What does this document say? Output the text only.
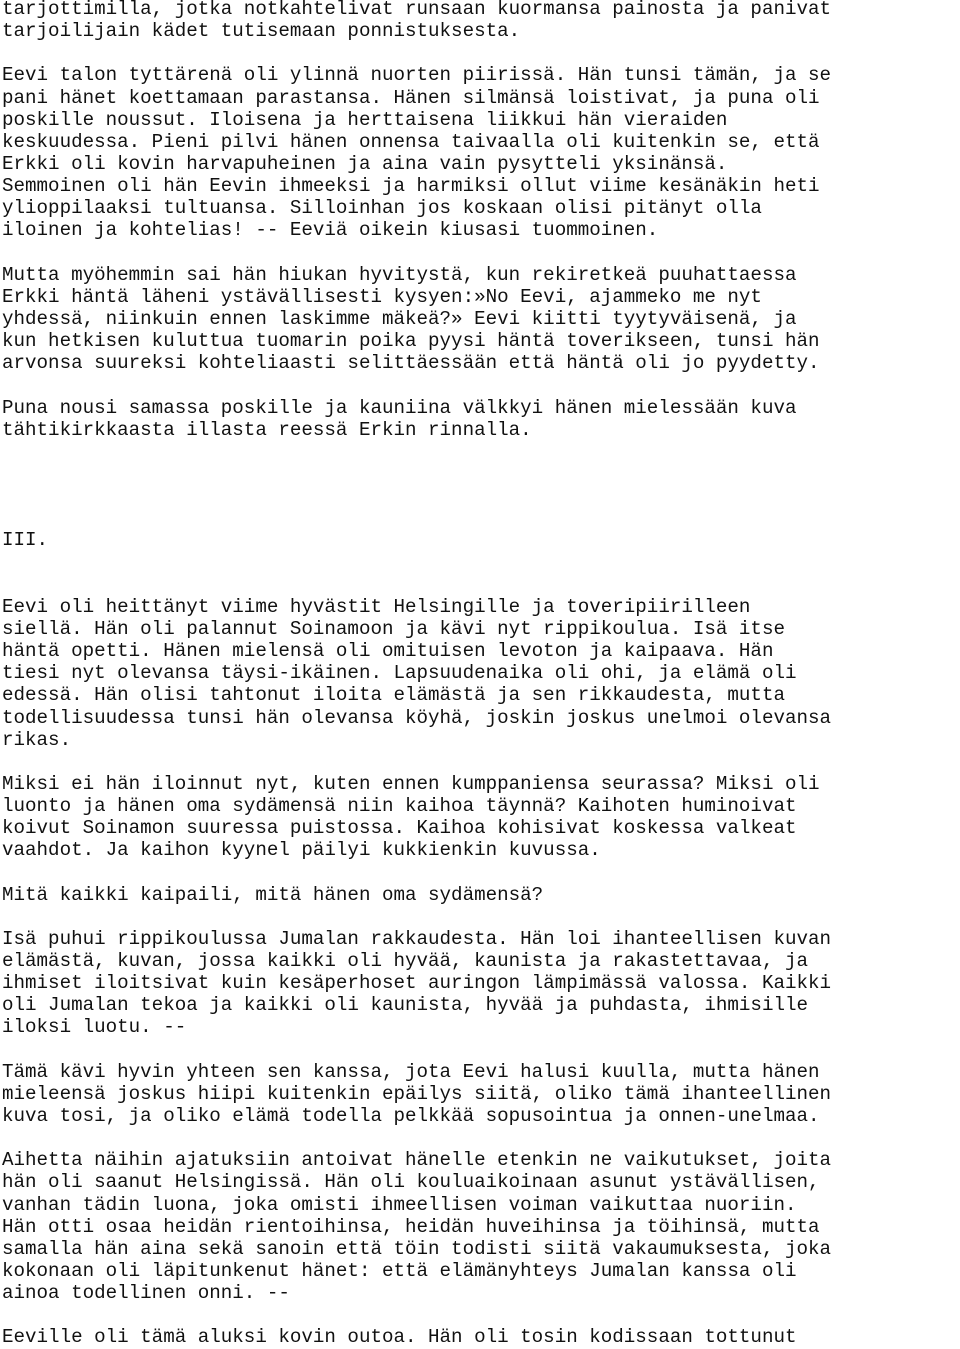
tarjottimilla, jotka notkahtelivat runsaan kuormansa painosta ja panivat
tarjoilijain kädet tutisemaan ponnistuksesta.
Eevi talon tyttärenä oli ylinnä nuorten piirissä. Hän tunsi tämän, ja se
pani hänet koettamaan parastansa. Hänen silmänsä loistivat, ja puna oli
poskille noussut. Iloisena ja herttaisena liikkui hän vieraiden
keskuudessa. Pieni pilvi hänen onnensa taivaalla oli kuitenkin se, että
Erkki oli kovin harvapuheinen ja aina vain pysytteli yksinänsä.
Semmoinen oli hän Eevin ihmeeksi ja harmiksi ollut viime kesänäkin heti
ylioppilaaksi tultuansa. Silloinhan jos koskaan olisi pitänyt olla
iloinen ja kohtelias! -- Eeviä oikein kiusasi tuommoinen.
Mutta myöhemmin sai hän hiukan hyvitystä, kun rekiretkeä puuhattaessa
Erkki häntä läheni ystävällisesti kysyen:»No Eevi, ajammeko me nyt
yhdessä, niinkuin ennen laskimme mäkeä?» Eevi kiitti tyytyväisenä, ja
kun hetkisen kuluttua tuomarin poika pyysi häntä toverikseen, tunsi hän
arvonsa suureksi kohteliaasti selittäessään että häntä oli jo pyydetty.
Puna nousi samassa poskille ja kauniina välkkyi hänen mielessään kuva
tähtikirkkaasta illasta reessä Erkin rinnalla.
III.
Eevi oli heittänyt viime hyvästit Helsingille ja toveripiirilleen
siellä. Hän oli palannut Soinamoon ja kävi nyt rippikoulua. Isä itse
häntä opetti. Hänen mielensä oli omituisen levoton ja kaipaava. Hän
tiesi nyt olevansa täysi-ikäinen. Lapsuudenaika oli ohi, ja elämä oli
edessä. Hän olisi tahtonut iloita elämästä ja sen rikkaudesta, mutta
todellisuudessa tunsi hän olevansa köyhä, joskin joskus unelmoi olevansa
rikas.
Miksi ei hän iloinnut nyt, kuten ennen kumppaniensa seurassa? Miksi oli
luonto ja hänen oma sydämensä niin kaihoa täynnä? Kaihoten huminoivat
koivut Soinamon suuressa puistossa. Kaihoa kohisivat koskessa valkeat
vaahdot. Ja kaihon kyynel päilyi kukkienkin kuvussa.
Mitä kaikki kaipaili, mitä hänen oma sydämensä?
Isä puhui rippikoulussa Jumalan rakkaudesta. Hän loi ihanteellisen kuvan
elämästä, kuvan, jossa kaikki oli hyvää, kaunista ja rakastettavaa, ja
ihmiset iloitsivat kuin kesäperhoset auringon lämpimässä valossa. Kaikki
oli Jumalan tekoa ja kaikki oli kaunista, hyvää ja puhdasta, ihmisille
iloksi luotu. --
Tämä kävi hyvin yhteen sen kanssa, jota Eevi halusi kuulla, mutta hänen
mieleensä joskus hiipi kuitenkin epäilys siitä, oliko tämä ihanteellinen
kuva tosi, ja oliko elämä todella pelkkää sopusointua ja onnen-unelmaa.
Aihetta näihin ajatuksiin antoivat hänelle etenkin ne vaikutukset, joita
hän oli saanut Helsingissä. Hän oli kouluaikoinaan asunut ystävällisen,
vanhan tädin luona, joka omisti ihmeellisen voiman vaikuttaa nuoriin.
Hän otti osaa heidän rientoihinsa, heidän huveihinsa ja töihinsä, mutta
samalla hän aina sekä sanoin että töin todisti siitä vakaumuksesta, joka
kokonaan oli läpitunkenut hänet: että elämänyhteys Jumalan kanssa oli
ainoa todellinen onni. --
Eeville oli tämä aluksi kovin outoa. Hän oli tosin kodissaan tottunut
